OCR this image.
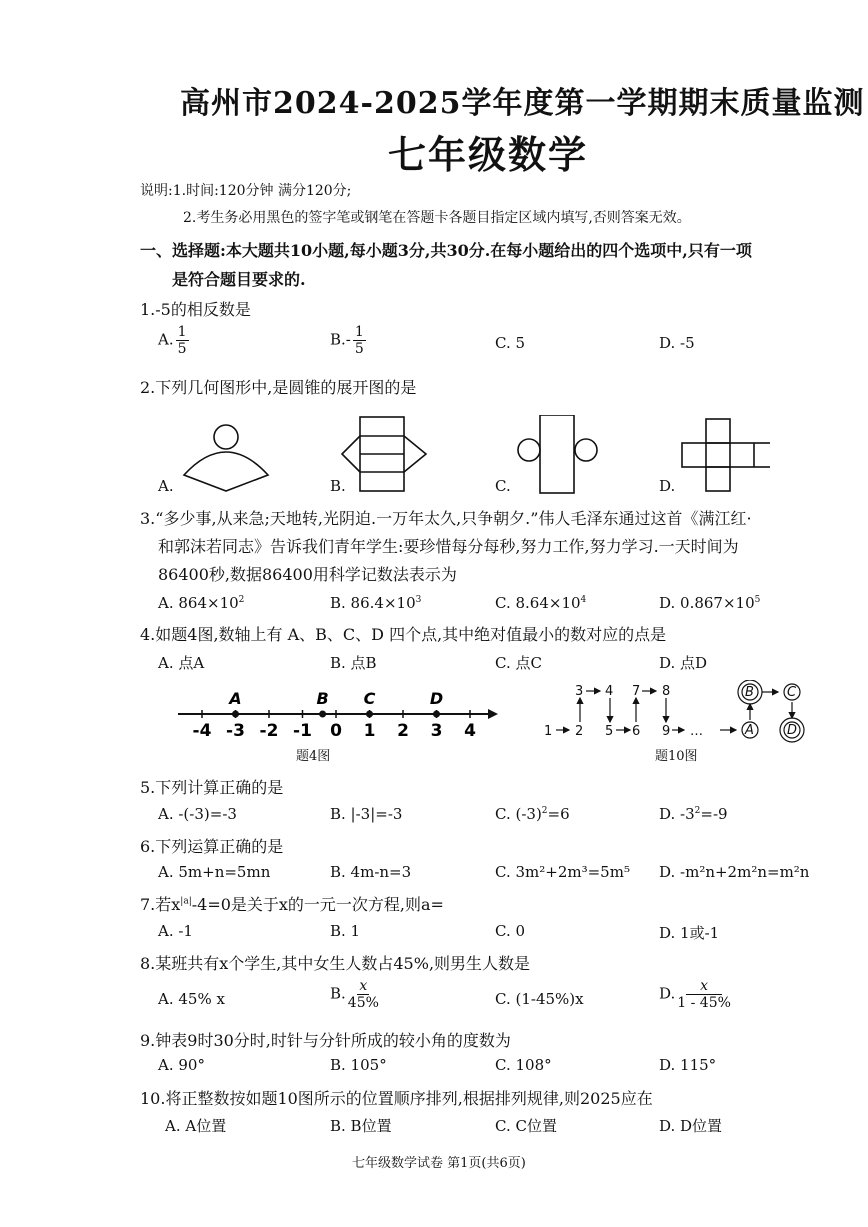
高州市2024-2025学年度第一学期期末质量监测
七年级数学
说明:1.时间:120分钟 满分120分;
2.考生务必用黑色的签字笔或钢笔在答题卡各题目指定区域内填写,否则答案无效。
一、选择题:本大题共10小题,每小题3分,共30分.在每小题给出的四个选项中,只有一项
是符合题目要求的.
1.-5的相反数是
A. $\frac{1}{5}$	$B.- \frac{1}{5}$	C. 5	D. -5
2.下列几何图形中,是圆锥的展开图的是
A.	B.	C.	D.
3.“多少事,从来急;天地转,光阴迫.一万年太久,只争朝夕.”伟人毛泽东通过这首《满江红·
和郭沫若同志》告诉我们青年学生:要珍惜每分每秒,努力工作,努力学习.一天时间为
86400秒,数据86400用科学记数法表示为
A. $864\times 10^2$	B. $86.4\times 10^3$	C. $8.64\times 10^4$	D. $0.867\times 10^5$
4.如题4图,数轴上有 A、B、C、D 四个点,其中绝对值最小的数对应的点是
A. 点A	B. 点B	C. 点C	D. 点D
-4 -3 -2 -1 0 1 2 3 4
A	B C	D
题4图
1 2
3 4
5 6
7 8
9 …
B	C
A	D
题10图
5.下列计算正确的是
A. -(-3)=-3	B. |-3|=-3	C. $(-3)^2=6$	D. $-3^2=-9$
6.下列运算正确的是
A. 5m+n=5mn	B. 4m-n=3	C. 3m²+2m³=5m⁵ D. -m²n+2m²n=m²n
7.若$x^{|a|}-4=0$是关于x的一元一次方程,则a=
A. -1	B. 1	C. 0	D. 1或-1
8.某班共有x个学生,其中女生人数占45%,则男生人数是
A. 45% x	B. $\frac{x}{45\%}$	C. (1-45%)x	D. $\frac{x}{1 - 45\%}$
9.钟表9时30分时,时针与分针所成的较小角的度数为
A. 90°	B. 105°	C. 108°	D. 115°
10.将正整数按如题10图所示的位置顺序排列,根据排列规律,则2025应在
A. A位置	B. B位置	C. C位置	D. D位置
七年级数学试卷 第1页(共6页)
